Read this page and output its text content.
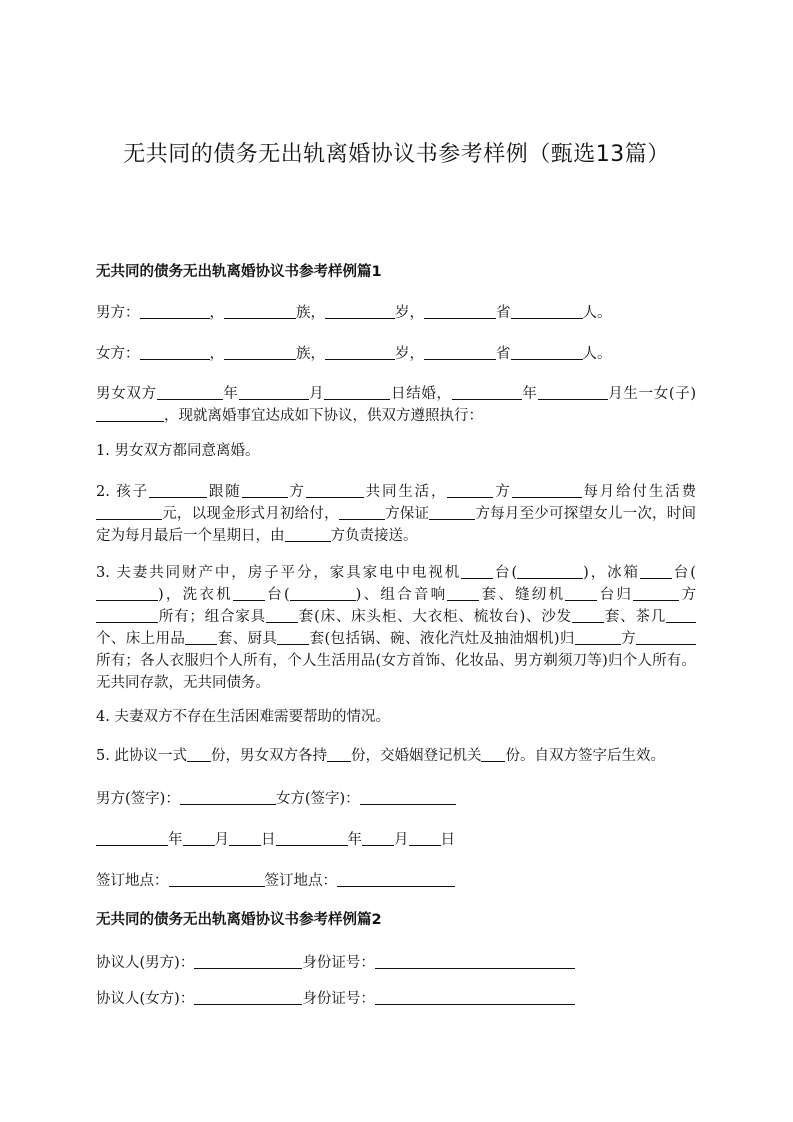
无共同的债务无出轨离婚协议书参考样例（甄选13篇）
无共同的债务无出轨离婚协议书参考样例篇1
男方：	，	族，	岁，	省	人。
女方：	，	族，	岁，	省	人。
男女双方	年	月	日结婚，	年	月生一女(子)，现就离婚事宜达成如下协议，供双方遵照执行：
1. 男女双方都同意离婚。
2. 孩子	跟随	方	共同生活，	方	每月给付生活费元，以现金形式月初给付，	方保证	方每月至少可探望女儿一次，时间定为每月最后一个星期日，由	方负责接送。
3. 夫妻共同财产中，房子平分，家具家电中电视机 台(	)，冰箱 台()，洗衣机 台(	)、组合音响 套、缝纫机 台归	方所有；组合家具 套(床、床头柜、大衣柜、梳妆台)、沙发 套、茶几个、床上用品 套、厨具 套(包括锅、碗、液化汽灶及抽油烟机)归	方所有；各人衣服归个人所有，个人生活用品(女方首饰、化妆品、男方剃须刀等)归个人所有。无共同存款，无共同债务。
4. 夫妻双方不存在生活困难需要帮助的情况。
5. 此协议一式 份，男女双方各持 份，交婚姻登记机关 份。自双方签字后生效。
男方(签字)：	女方(签字)：
年 月 日	年 月 日
签订地点：	签订地点：
无共同的债务无出轨离婚协议书参考样例篇2
协议人(男方)：	身份证号：
协议人(女方)：	身份证号：
